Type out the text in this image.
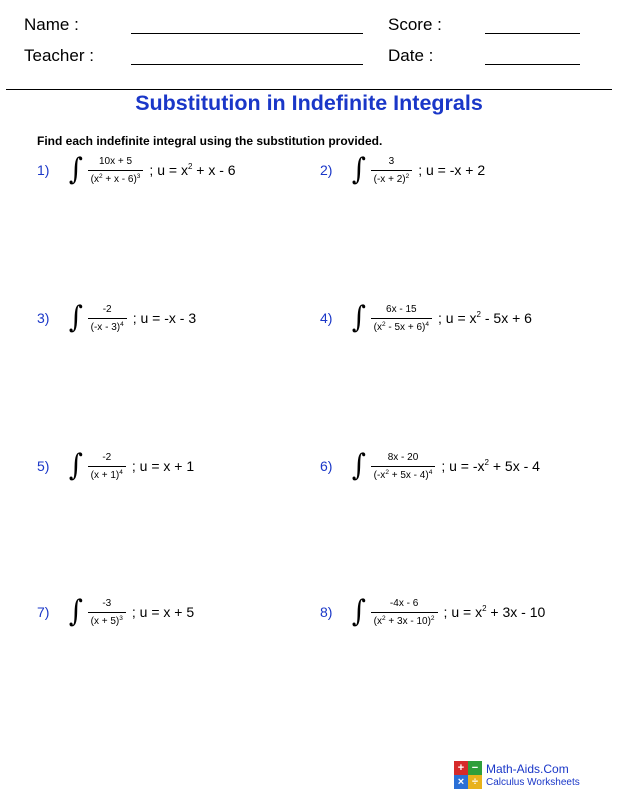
Name :	Score :
Teacher :	Date :
Substitution in Indefinite Integrals
Find each indefinite integral using the substitution provided.
1) ∫ $\frac{10x + 5}{(x^2 + x - 6)^3}$ ; $u = x^2 + x - 6$	2) ∫ $\frac{3}{(-x + 2)^2}$ ; u = -x + 2
3) ∫ $\frac{-2}{(-x - 3)^4}$ ; u = -x - 3	4) ∫ $\frac{6x - 15}{(x^2 - 5x + 6)^4}$ ; $u = x^2 - 5x + 6$
5) ∫ $\frac{-2}{(x + 1)^4}$ ; u = x + 1	6) ∫ $\frac{8x - 20}{(-x^2 + 5x - 4)^4}$ ; $u = -x^2 + 5x - 4$
7) ∫ $\frac{-3}{(x + 5)^3}$ ; u = x + 5	8) ∫ $\frac{-4x - 6}{(x^2 + 3x - 10)^2}$ ; $u = x^2 + 3x - 10$
+ −
× ÷
Math-Aids.Com
Calculus Worksheets
